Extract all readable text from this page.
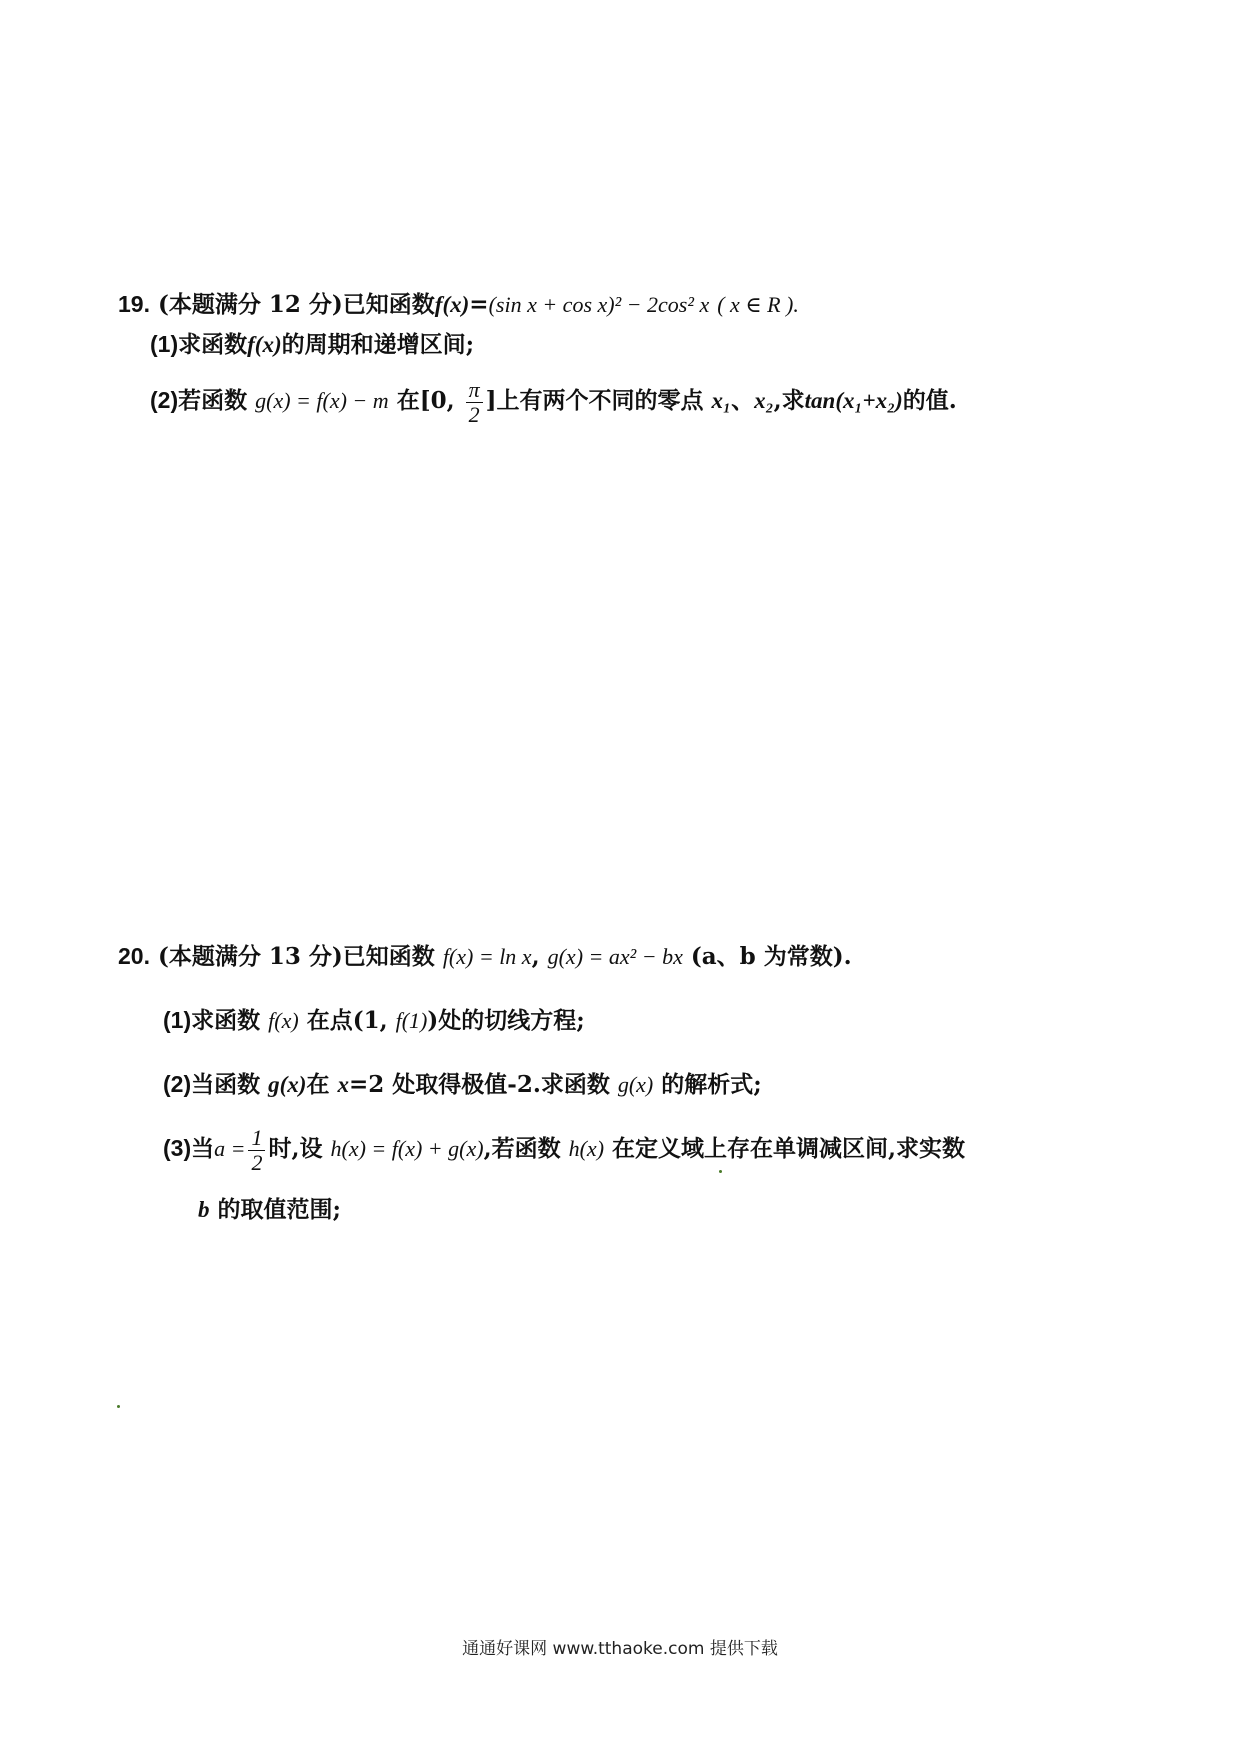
19. (本题满分 12 分)已知函数f(x)=(sin x + cos x)² − 2cos² x ( x ∈ R ).
(1)求函数f(x)的周期和递增区间;
(2)若函数 g(x) = f(x) − m 在[0, $\frac{\pi}{2}$ ]上有两个不同的零点 x₁、x₂,求tan(x₁+x₂)的值.
20. (本题满分 13 分)已知函数 f(x) = ln x, g(x) = ax² − bx (a、b 为常数).
(1)求函数 f(x) 在点(1, f(1))处的切线方程;
(2)当函数 g(x)在 x=2 处取得极值-2.求函数 g(x) 的解析式;
(3)当$a = \frac{1}{2}$ 时,设 h(x) = f(x) + g(x),若函数 h(x) 在定义域上存在单调减区间,求实数
b 的取值范围;
通通好课网 www.tthaoke.com 提供下载
